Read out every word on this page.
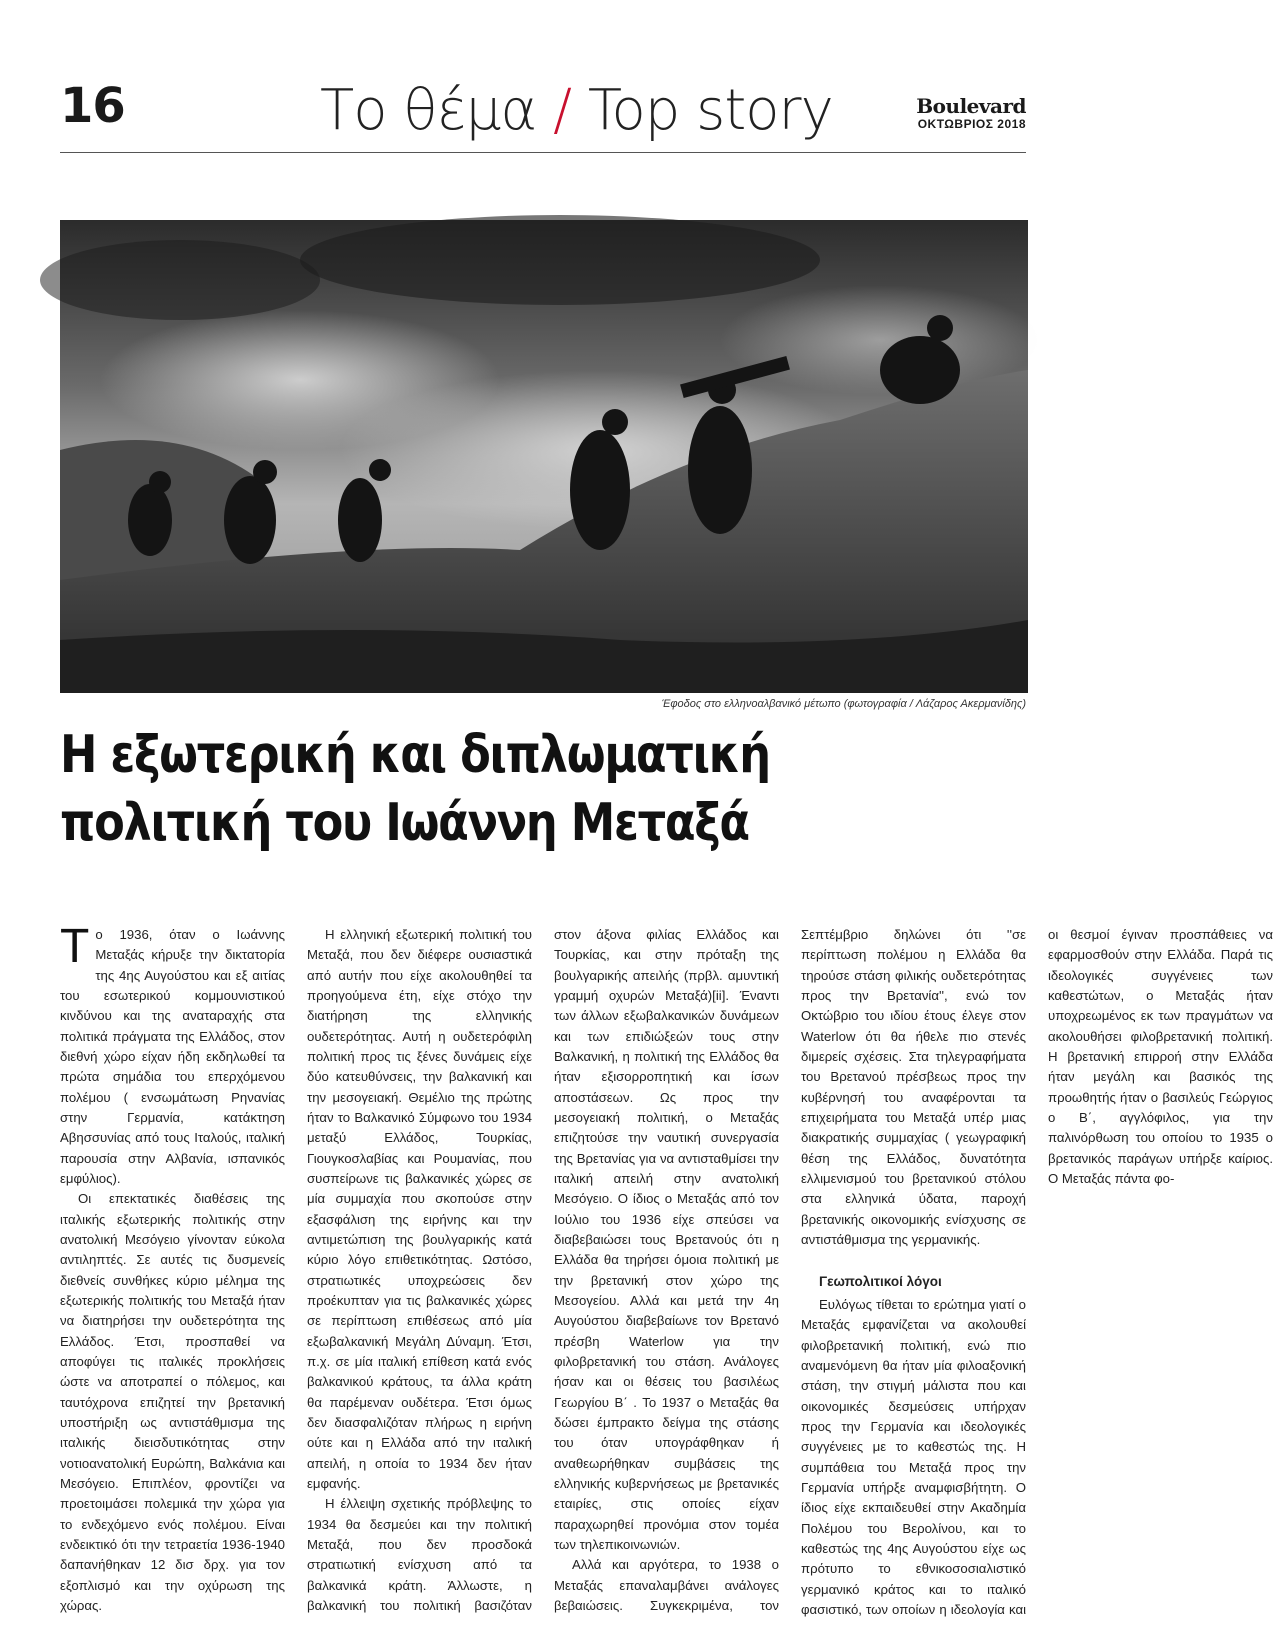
16	Το θέμα / Top story	Boulevard
ΟΚΤΩΒΡΙΟΣ 2018
Έφοδος στο ελληνοαλβανικό μέτωπο (φωτογραφία / Λάζαρος Ακερμανίδης)
Η εξωτερική και διπλωματική
πολιτική του Ιωάννη Μεταξά

Το 1936, όταν ο Ιωάννης Μεταξάς κήρυξε την δικτατορία της 4ης Αυγούστου και εξ αιτίας του εσωτερικού κομμουνιστικού κινδύνου και της αναταραχής στα πολιτικά πράγματα της Ελλάδος, στον διεθνή χώρο είχαν ήδη εκδηλωθεί τα πρώτα σημάδια του επερχόμενου πολέμου ( ενσωμάτωση Ρηνανίας στην Γερμανία, κατάκτηση Αβησσυνίας από τους Ιταλούς, ιταλική παρουσία στην Αλβανία, ισπανικός εμφύλιος).

Οι επεκτατικές διαθέσεις της ιταλικής εξωτερικής πολιτικής στην ανατολική Μεσόγειο γίνονταν εύκολα αντιληπτές. Σε αυτές τις δυσμενείς διεθνείς συνθήκες κύριο μέλημα της εξωτερικής πολιτικής του Μεταξά ήταν να διατηρήσει την ουδετερότητα της Ελλάδος. Έτσι, προσπαθεί να αποφύγει τις ιταλικές προκλήσεις ώστε να αποτραπεί ο πόλεμος, και ταυτόχρονα επιζητεί την βρετανική υποστήριξη ως αντιστάθμισμα της ιταλικής διεισδυτικότητας στην νοτιοανατολική Ευρώπη, Βαλκάνια και Μεσόγειο. Επιπλέον, φροντίζει να προετοιμάσει πολεμικά την χώρα για το ενδεχόμενο ενός πολέμου. Είναι ενδεικτικό ότι την τετραετία 1936-1940 δαπανήθηκαν 12 δισ δρχ. για τον εξοπλισμό και την οχύρωση της χώρας.

Η ελληνική εξωτερική πολιτική του Μεταξά, που δεν διέφερε ουσιαστικά από αυτήν που είχε ακολουθηθεί τα προηγούμενα έτη, είχε στόχο την διατήρηση της ελληνικής ουδετερότητας. Αυτή η ουδετερόφιλη πολιτική προς τις ξένες δυνάμεις είχε δύο κατευθύνσεις, την βαλκανική και την μεσογειακή. Θεμέλιο της πρώτης ήταν το Βαλκανικό Σύμφωνο του 1934 μεταξύ Ελλάδος, Τουρκίας, Γιουγκοσλαβίας και Ρουμανίας, που συσπείρωνε τις βαλκανικές χώρες σε μία συμμαχία που σκοπούσε στην εξασφάλιση της ειρήνης και την αντιμετώπιση της βουλγαρικής κατά κύριο λόγο επιθετικότητας. Ωστόσο, στρατιωτικές υποχρεώσεις δεν προέκυπταν για τις βαλκανικές χώρες σε περίπτωση επιθέσεως από μία εξωβαλκανική Μεγάλη Δύναμη. Έτσι, π.χ. σε μία ιταλική επίθεση κατά ενός βαλκανικού κράτους, τα άλλα κράτη θα παρέμεναν ουδέτερα. Έτσι όμως δεν διασφαλιζόταν πλήρως η ειρήνη ούτε και η Ελλάδα από την ιταλική απειλή, η οποία το 1934 δεν ήταν εμφανής.

Η έλλειψη σχετικής πρόβλεψης το 1934 θα δεσμεύει και την πολιτική Μεταξά, που δεν προσδοκά στρατιωτική ενίσχυση από τα βαλκανικά κράτη. Άλλωστε, η βαλκανική του πολιτική βασιζόταν στον άξονα φιλίας Ελλάδος και Τουρκίας, και στην πρόταξη της βουλγαρικής απειλής (πρβλ. αμυντική γραμμή οχυρών Μεταξά)[ii]. Έναντι των άλλων εξωβαλκανικών δυνάμεων και των επιδιώξεών τους στην Βαλκανική, η πολιτική της Ελλάδος θα ήταν εξισορροπητική και ίσων αποστάσεων. Ως προς την μεσογειακή πολιτική, ο Μεταξάς επιζητούσε την ναυτική συνεργασία της Βρετανίας για να αντισταθμίσει την ιταλική απειλή στην ανατολική Μεσόγειο. Ο ίδιος ο Μεταξάς από τον Ιούλιο του 1936 είχε σπεύσει να διαβεβαιώσει τους Βρετανούς ότι η Ελλάδα θα τηρήσει όμοια πολιτική με την βρετανική στον χώρο της Μεσογείου. Αλλά και μετά την 4η Αυγούστου διαβεβαίωνε τον Βρετανό πρέσβη Waterlow για την φιλοβρετανική του στάση. Ανάλογες ήσαν και οι θέσεις του βασιλέως Γεωργίου Β΄ . Το 1937 ο Μεταξάς θα δώσει έμπρακτο δείγμα της στάσης του όταν υπογράφθηκαν ή αναθεωρήθηκαν συμβάσεις της ελληνικής κυβερνήσεως με βρετανικές εταιρίες, στις οποίες είχαν παραχωρηθεί προνόμια στον τομέα των τηλεπικοινωνιών.

Αλλά και αργότερα, το 1938 ο Μεταξάς επαναλαμβάνει ανάλογες βεβαιώσεις. Συγκεκριμένα, τον Σεπτέμβριο δηλώνει ότι ''σε περίπτωση πολέμου η Ελλάδα θα τηρούσε στάση φιλικής ουδετερότητας προς την Βρετανία'', ενώ τον Οκτώβριο του ιδίου έτους έλεγε στον Waterlow ότι θα ήθελε πιο στενές διμερείς σχέσεις. Στα τηλεγραφήματα του Βρετανού πρέσβεως προς την κυβέρνησή του αναφέρονται τα επιχειρήματα του Μεταξά υπέρ μιας διακρατικής συμμαχίας ( γεωγραφική θέση της Ελλάδος, δυνατότητα ελλιμενισμού του βρετανικού στόλου στα ελληνικά ύδατα, παροχή βρετανικής οικονομικής ενίσχυσης σε αντιστάθμισμα της γερμανικής.

Γεωπολιτικοί λόγοι

Ευλόγως τίθεται το ερώτημα γιατί ο Μεταξάς εμφανίζεται να ακολουθεί φιλοβρετανική πολιτική, ενώ πιο αναμενόμενη θα ήταν μία φιλοαξονική στάση, την στιγμή μάλιστα που και οικονομικές δεσμεύσεις υπήρχαν προς την Γερμανία και ιδεολογικές συγγένειες με το καθεστώς της. Η συμπάθεια του Μεταξά προς την Γερμανία υπήρξε αναμφισβήτητη. Ο ίδιος είχε εκπαιδευθεί στην Ακαδημία Πολέμου του Βερολίνου, και το καθεστώς της 4ης Αυγούστου είχε ως πρότυπο το εθνικοσοσιαλιστικό γερμανικό κράτος και το ιταλικό φασιστικό, των οποίων η ιδεολογία και οι θεσμοί έγιναν προσπάθειες να εφαρμοσθούν στην Ελλάδα. Παρά τις ιδεολογικές συγγένειες των καθεστώτων, ο Μεταξάς ήταν υποχρεωμένος εκ των πραγμάτων να ακολουθήσει φιλοβρετανική πολιτική. Η βρετανική επιρροή στην Ελλάδα ήταν μεγάλη και βασικός της προωθητής ήταν ο βασιλεύς Γεώργιος ο Β΄, αγγλόφιλος, για την παλινόρθωση του οποίου το 1935 ο βρετανικός παράγων υπήρξε καίριος. Ο Μεταξάς πάντα φο-
